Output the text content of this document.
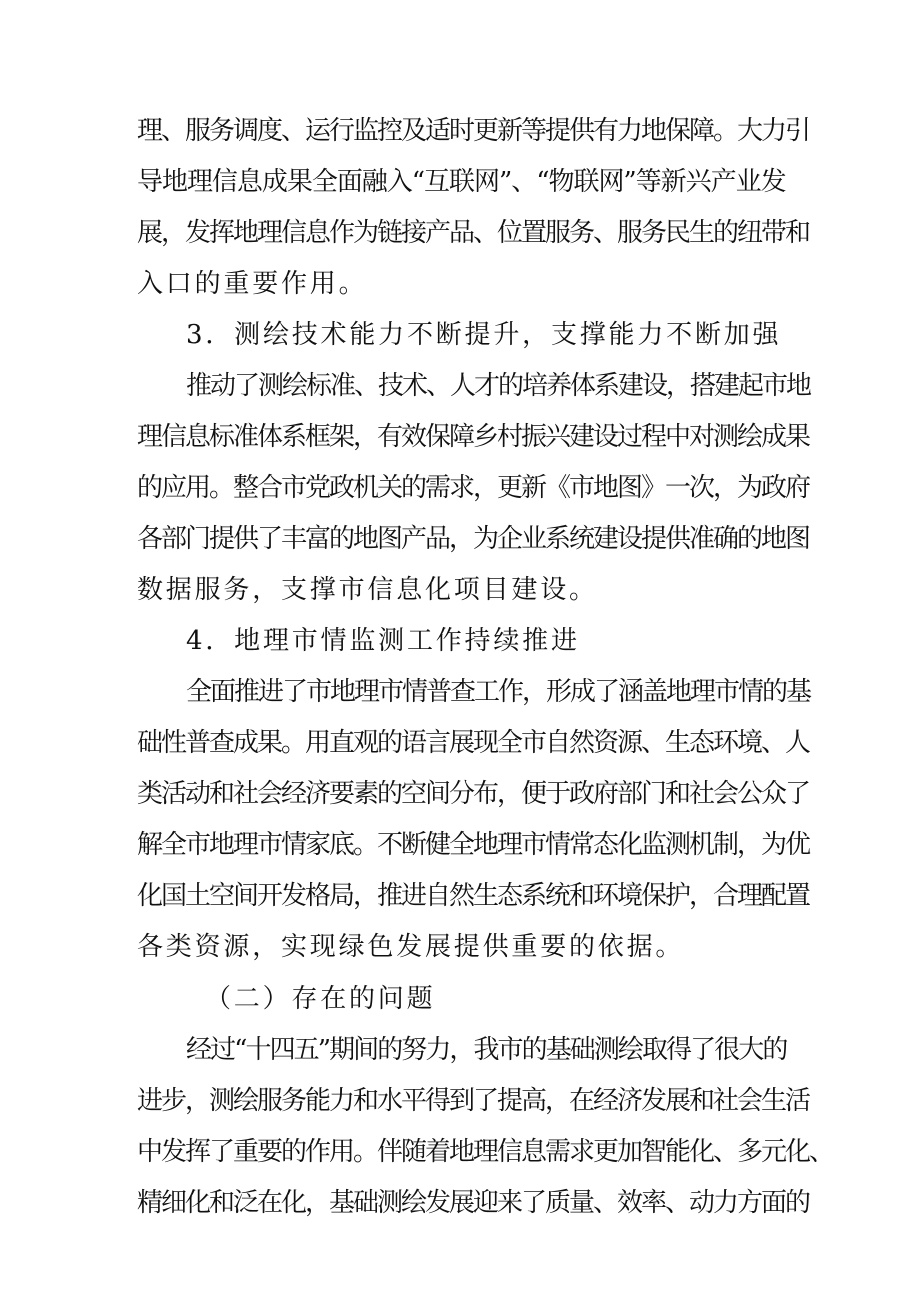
理、服务调度、运行监控及适时更新等提供有力地保障。大力引
导地理信息成果全面融入“互联网”、“物联网”等新兴产业发
展，发挥地理信息作为链接产品、位置服务、服务民生的纽带和
入口的重要作用。
3．测绘技术能力不断提升，支撑能力不断加强
推动了测绘标准、技术、人才的培养体系建设，搭建起市地
理信息标准体系框架，有效保障乡村振兴建设过程中对测绘成果
的应用。整合市党政机关的需求，更新《市地图》一次，为政府
各部门提供了丰富的地图产品，为企业系统建设提供准确的地图
数据服务，支撑市信息化项目建设。
4．地理市情监测工作持续推进
全面推进了市地理市情普查工作，形成了涵盖地理市情的基
础性普查成果。用直观的语言展现全市自然资源、生态环境、人
类活动和社会经济要素的空间分布，便于政府部门和社会公众了
解全市地理市情家底。不断健全地理市情常态化监测机制，为优
化国土空间开发格局，推进自然生态系统和环境保护，合理配置
各类资源，实现绿色发展提供重要的依据。
（二）存在的问题
经过“十四五”期间的努力，我市的基础测绘取得了很大的
进步，测绘服务能力和水平得到了提高，在经济发展和社会生活
中发挥了重要的作用。伴随着地理信息需求更加智能化、多元化、
精细化和泛在化，基础测绘发展迎来了质量、效率、动力方面的
